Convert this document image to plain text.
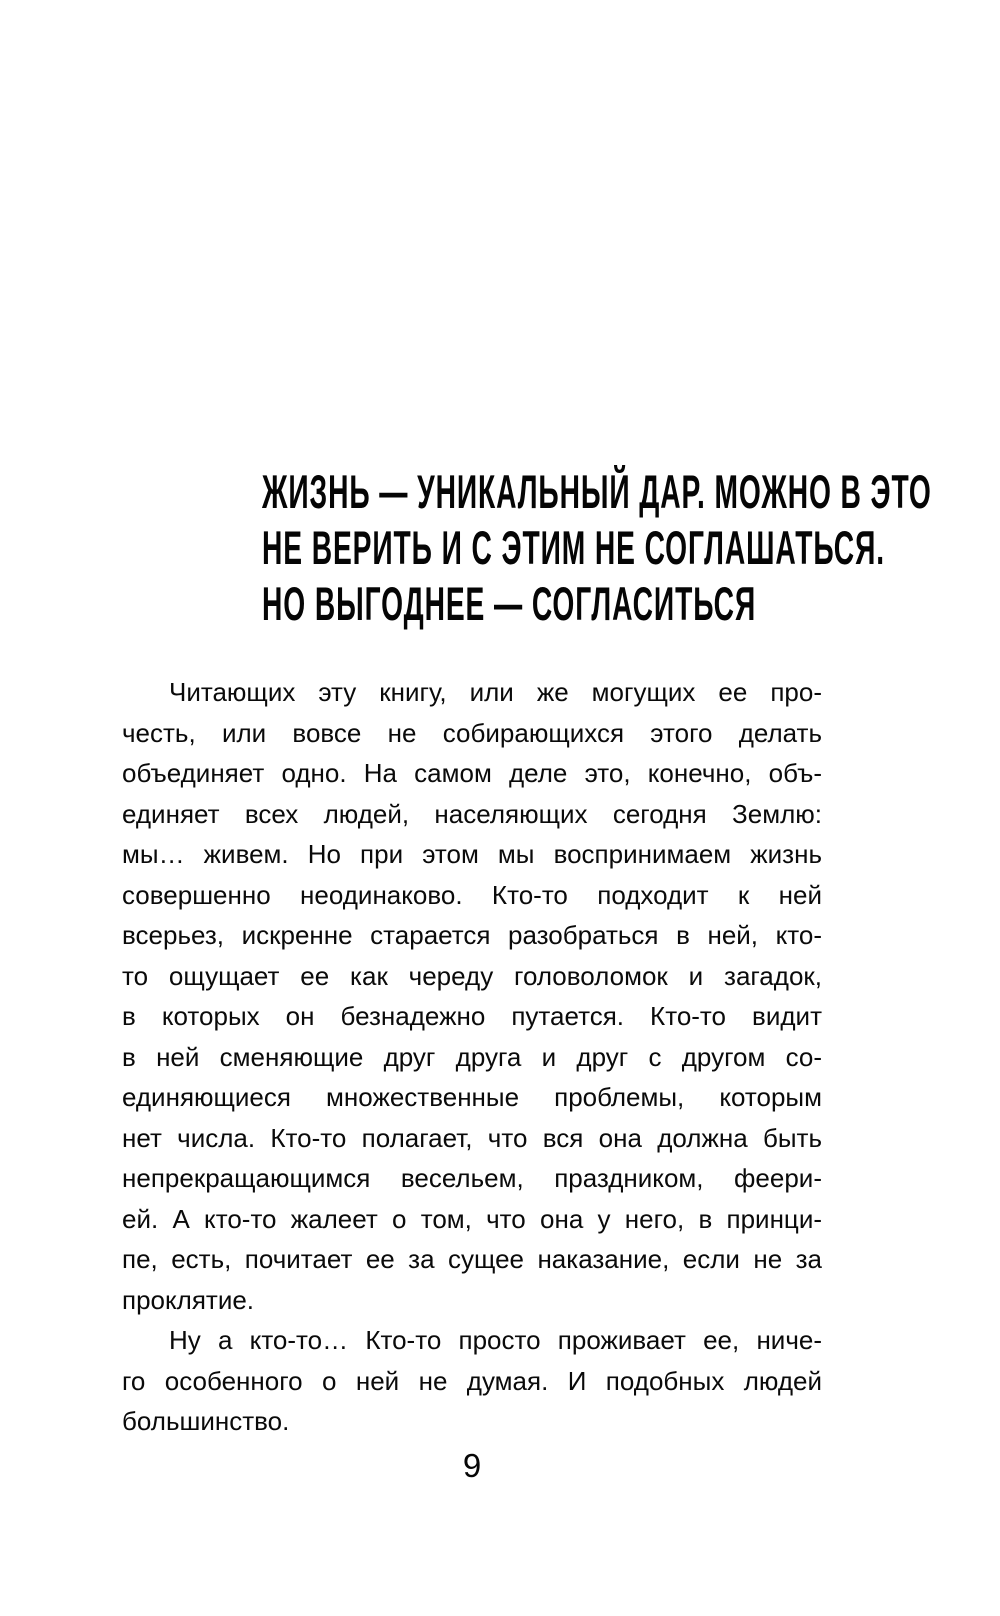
ЖИЗНЬ — УНИКАЛЬНЫЙ ДАР. МОЖНО В ЭТО
НЕ ВЕРИТЬ И С ЭТИМ НЕ СОГЛАШАТЬСЯ.
НО ВЫГОДНЕЕ — СОГЛАСИТЬСЯ
Читающих эту книгу, или же могущих ее про-
честь, или вовсе не собирающихся этого делать
объединяет одно. На самом деле это, конечно, объ-
единяет всех людей, населяющих сегодня Землю:
мы… живем. Но при этом мы воспринимаем жизнь
совершенно неодинаково. Кто-то подходит к ней
всерьез, искренне старается разобраться в ней, кто-
то ощущает ее как череду головоломок и загадок,
в которых он безнадежно путается. Кто-то видит
в ней сменяющие друг друга и друг с другом со-
единяющиеся множественные проблемы, которым
нет числа. Кто-то полагает, что вся она должна быть
непрекращающимся весельем, праздником, феери-
ей. А кто-то жалеет о том, что она у него, в принци-
пе, есть, почитает ее за сущее наказание, если не за
проклятие.
Ну а кто-то… Кто-то просто проживает ее, ниче-
го особенного о ней не думая. И подобных людей
большинство.
9
